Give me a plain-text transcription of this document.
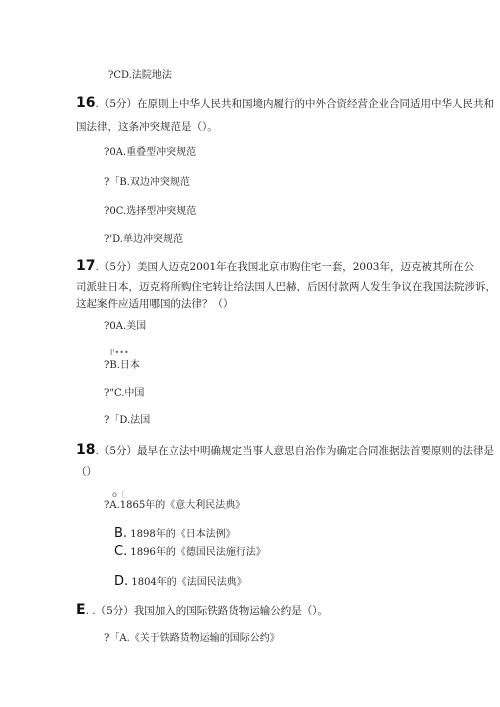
?CD.法院地法
16.（5分）在原則上中华人民共和国境内履行的中外合资经营企业合同适用中华人民共和
国法律，这条冲突规范是（）。
?0A.重叠型冲突规范
?「B.双边冲突规范
?0C.选择型冲突规范
?'D.单边冲突规范
17.（5分）美国人迈克2001年在我国北京市购住宅一套，2003年，迈克被其所在公
司派驻日本，迈克将所购住宅转让给法国人巴赫，后因付款两人发生争议在我国法院涉诉，
这起案件应适用哪国的法律？（）
?0A.美国
Ⅰ'•••
?B.日本
?"C.中国
?「D.法国
18.（5分）最早在立法中明确规定当事人意思自治作为确定合同准据法首要原则的法律是
（）
o〔
?A.1865年的《意大利民法典》
B. 1898年的《日本法例》
C. 1896年的《德国民法施行法》
D. 1804年的《法国民法典》
E. .（5分）我国加入的国际铁路货物运输公约是（）。
?「A.《关于铁路货物运输的国际公约》
